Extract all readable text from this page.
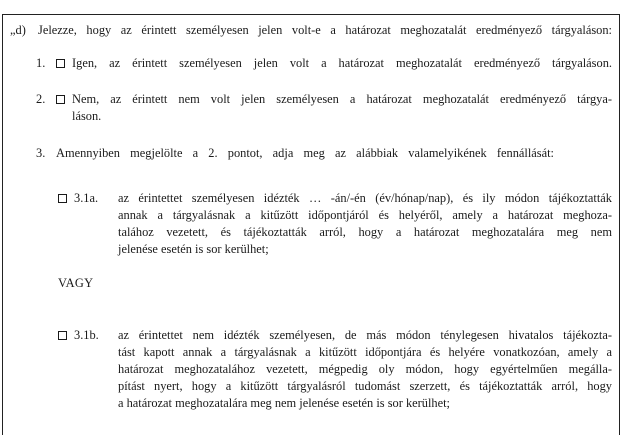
„d) Jelezze, hogy az érintett személyesen jelen volt-e a határozat meghozatalát eredményező tárgyaláson:
1. Igen, az érintett személyesen jelen volt a határozat meghozatalát eredményező tárgyaláson.
2. Nem, az érintett nem volt jelen személyesen a határozat meghozatalát eredményező tárgya-
láson.
3. Amennyiben megjelölte a 2. pontot, adja meg az alábbiak valamelyikének fennállását:
3.1a. az érintettet személyesen idézték … -án/-én (év/hónap/nap), és ily módon tájékoztatták
annak a tárgyalásnak a kitűzött időpontjáról és helyéről, amely a határozat meghoza-
talához vezetett, és tájékoztatták arról, hogy a határozat meghozatalára meg nem
jelenése esetén is sor kerülhet;
VAGY
3.1b. az érintettet nem idézték személyesen, de más módon ténylegesen hivatalos tájékozta-
tást kapott annak a tárgyalásnak a kitűzött időpontjára és helyére vonatkozóan, amely a
határozat meghozatalához vezetett, mégpedig oly módon, hogy egyértelműen megálla-
pítást nyert, hogy a kitűzött tárgyalásról tudomást szerzett, és tájékoztatták arról, hogy
a határozat meghozatalára meg nem jelenése esetén is sor kerülhet;
